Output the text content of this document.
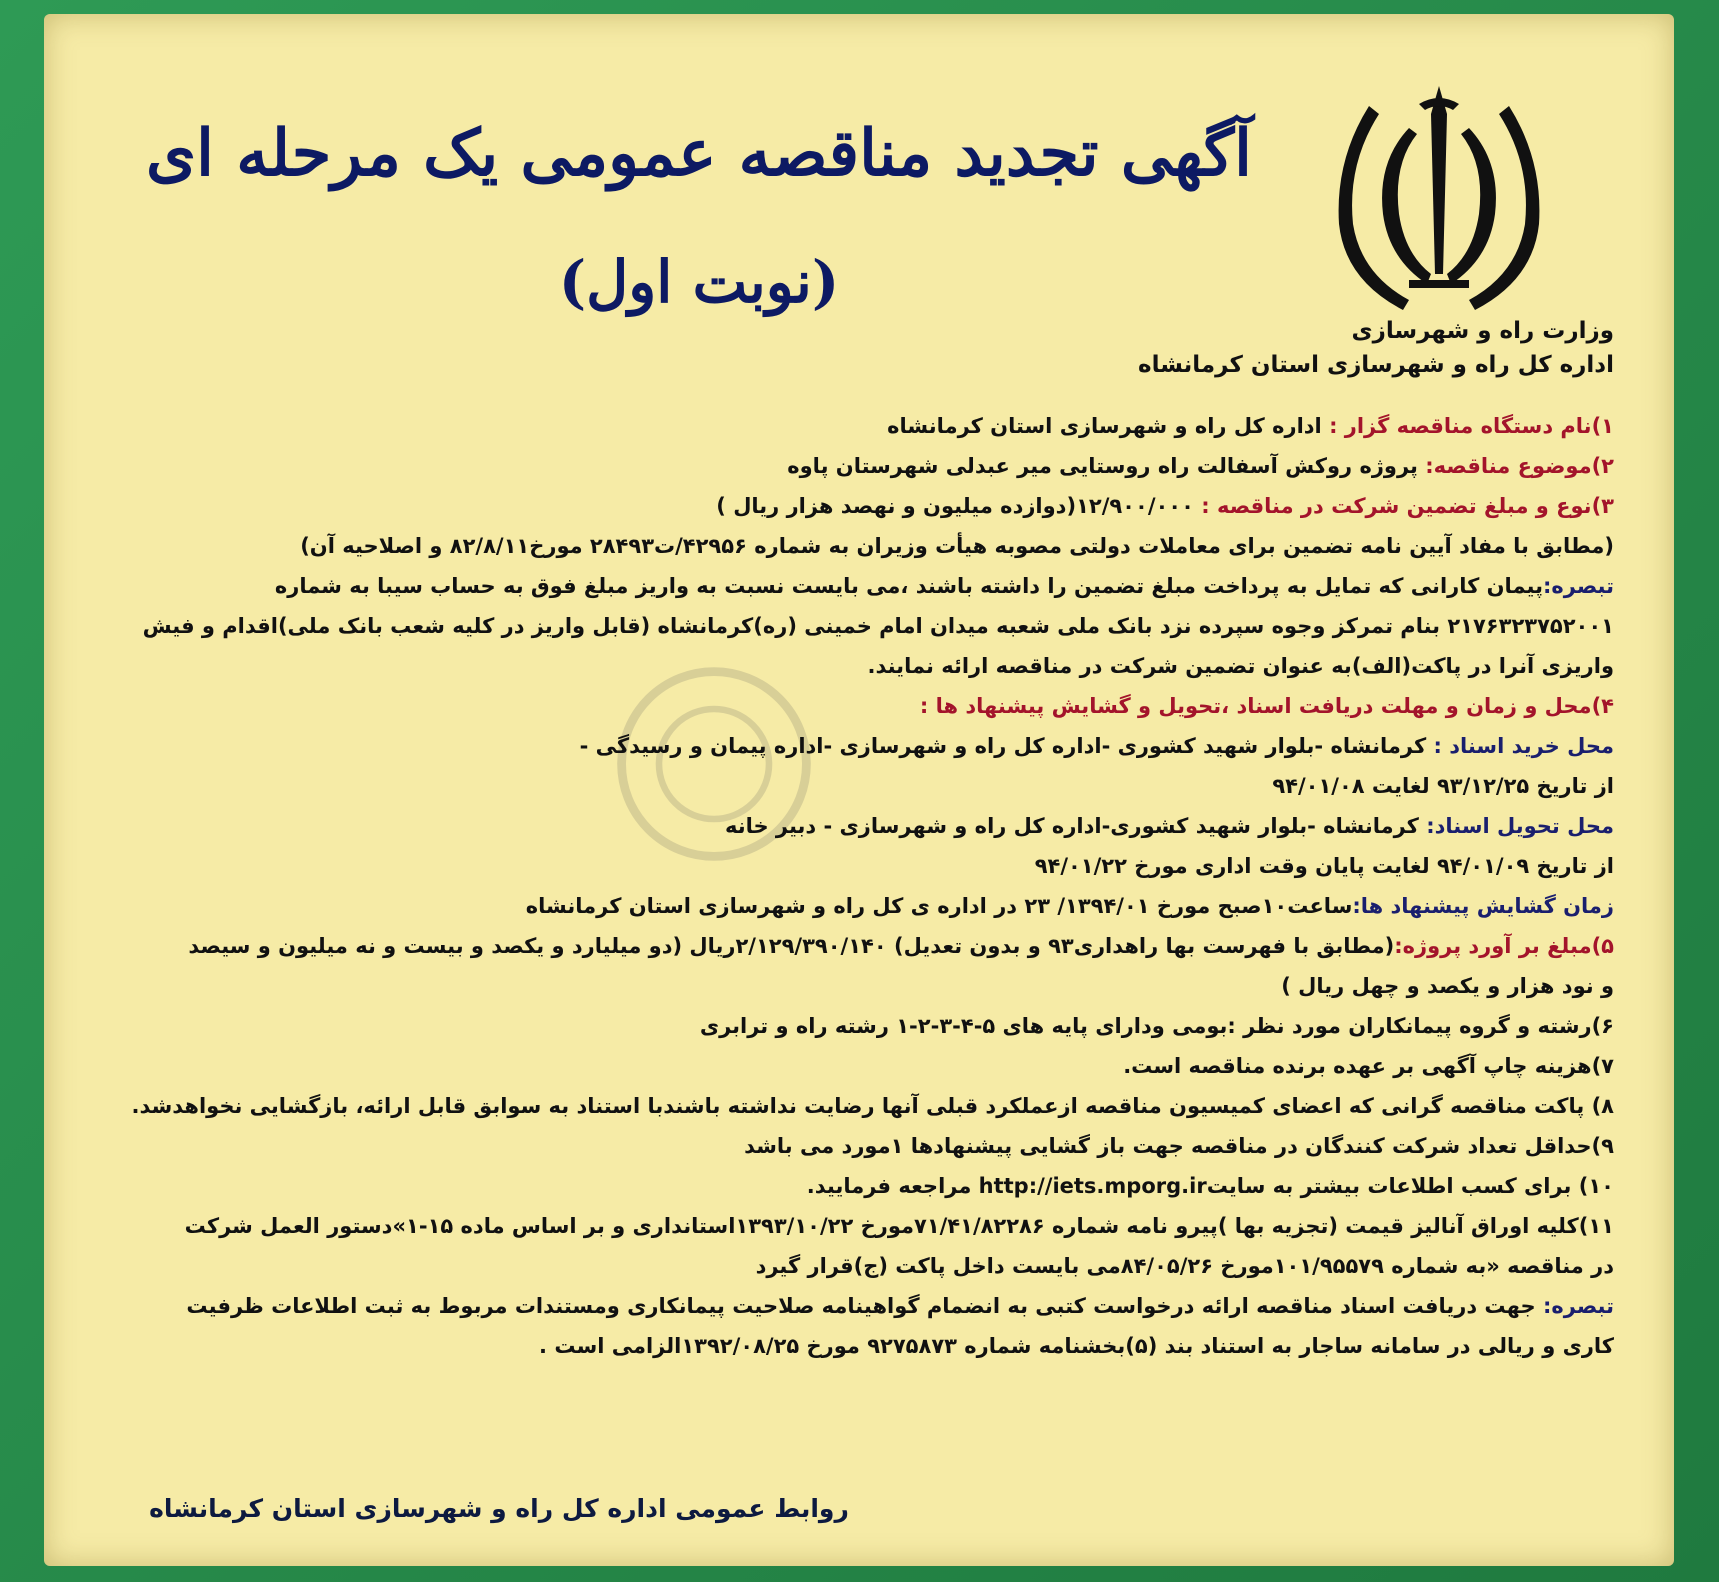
وزارت راه و شهرسازی
اداره کل راه و شهرسازی استان کرمانشاه
آگهی تجدید مناقصه عمومی یک مرحله ای
(نوبت اول)
۱)نام دستگاه مناقصه گزار : اداره کل راه و شهرسازی استان کرمانشاه
۲)موضوع مناقصه: پروژه روکش آسفالت راه روستایی میر عبدلی شهرستان پاوه
۳)نوع و مبلغ تضمین شرکت در مناقصه : ۱۲/۹۰۰/۰۰۰(دوازده میلیون و نهصد هزار ریال )
(مطابق با مفاد آیین نامه تضمین برای معاملات دولتی مصوبه هیأت وزیران به شماره ۴۲۹۵۶/ت۲۸۴۹۳ مورخ۸۲/۸/۱۱ و اصلاحیه آن)
تبصره:پیمان کارانی که تمایل به پرداخت مبلغ تضمین را داشته باشند ،می بایست نسبت به واریز مبلغ فوق به حساب سیبا به شماره
۲۱۷۶۳۲۳۷۵۲۰۰۱ بنام تمرکز وجوه سپرده نزد بانک ملی شعبه میدان امام خمینی (ره)کرمانشاه (قابل واریز در کلیه شعب بانک ملی)اقدام و فیش
واریزی آنرا در پاکت(الف)به عنوان تضمین شرکت در مناقصه ارائه نمایند.
۴)محل و زمان و مهلت دریافت اسناد ،تحویل و گشایش پیشنهاد ها :
محل خرید اسناد : کرمانشاه -بلوار شهید کشوری -اداره کل راه و شهرسازی -اداره پیمان و رسیدگی -
از تاریخ ۹۳/۱۲/۲۵ لغایت ۹۴/۰۱/۰۸
محل تحویل اسناد: کرمانشاه -بلوار شهید کشوری-اداره کل راه و شهرسازی - دبیر خانه
از تاریخ ۹۴/۰۱/۰۹ لغایت پایان وقت اداری مورخ ۹۴/۰۱/۲۲
زمان گشایش پیشنهاد ها:ساعت۱۰صبح مورخ ۱۳۹۴/۰۱/ ۲۳ در اداره ی کل راه و شهرسازی استان کرمانشاه
۵)مبلغ بر آورد پروژه:(مطابق با فهرست بها راهداری۹۳ و بدون تعدیل) ۲/۱۲۹/۳۹۰/۱۴۰ریال (دو میلیارد و یکصد و بیست و نه میلیون و سیصد
و نود هزار و یکصد و چهل ریال )
۶)رشته و گروه پیمانکاران مورد نظر :بومی ودارای پایه های ۵-۴-۳-۲-۱ رشته راه و ترابری
۷)هزینه چاپ آگهی بر عهده برنده مناقصه است.
۸) پاکت مناقصه گرانی که اعضای کمیسیون مناقصه ازعملکرد قبلی آنها رضایت نداشته باشندبا استناد به سوابق قابل ارائه، بازگشایی نخواهدشد.
۹)حداقل تعداد شرکت کنندگان در مناقصه جهت باز گشایی پیشنهادها ۱مورد می باشد
۱۰) برای کسب اطلاعات بیشتر به سایتhttp://iets.mporg.ir مراجعه فرمایید.
۱۱)کلیه اوراق آنالیز قیمت (تجزیه بها )پیرو نامه شماره ۷۱/۴۱/۸۲۲۸۶مورخ ۱۳۹۳/۱۰/۲۲استانداری و بر اساس ماده ۱۵-۱»دستور العمل شرکت
در مناقصه «به شماره ۱۰۱/۹۵۵۷۹مورخ ۸۴/۰۵/۲۶می بایست داخل پاکت (ج)قرار گیرد
تبصره: جهت دریافت اسناد مناقصه ارائه درخواست کتبی به انضمام گواهینامه صلاحیت پیمانکاری ومستندات مربوط به ثبت اطلاعات ظرفیت
کاری و ریالی در سامانه ساجار به استناد بند (۵)بخشنامه شماره ۹۲۷۵۸۷۳ مورخ ۱۳۹۲/۰۸/۲۵الزامی است .
روابط عمومی اداره کل راه و شهرسازی استان کرمانشاه
